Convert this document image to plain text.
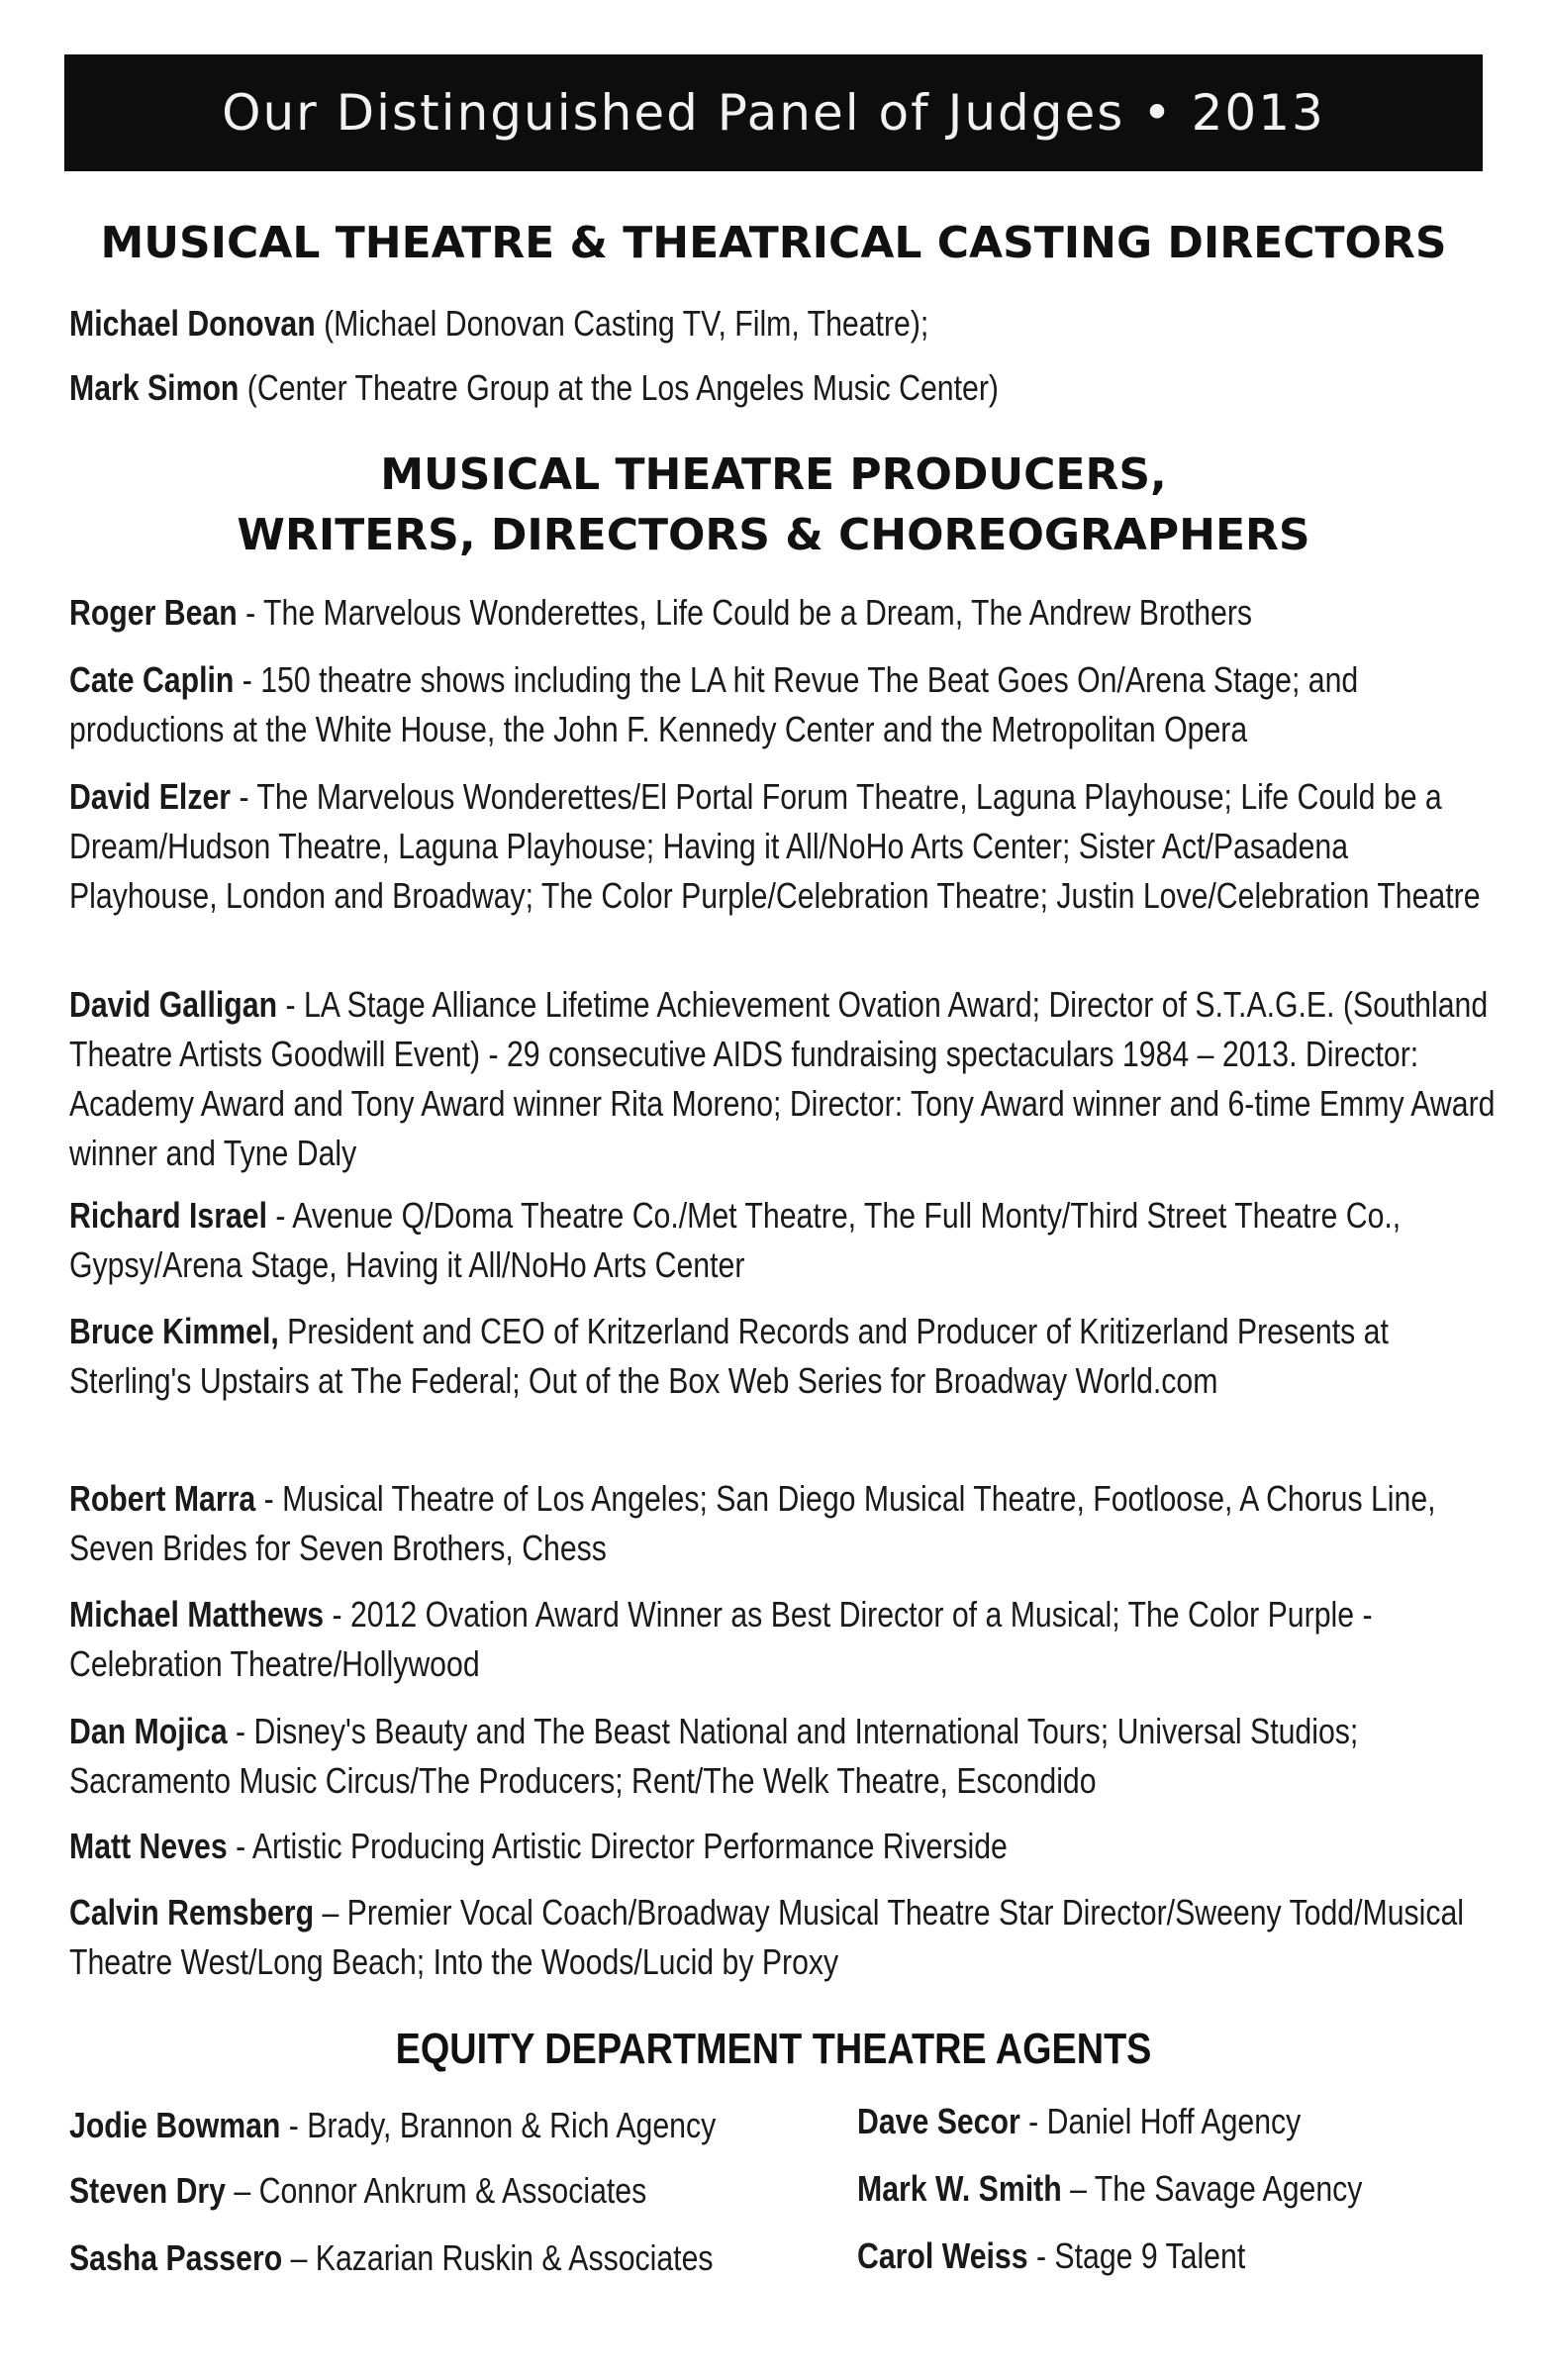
Our Distinguished Panel of Judges • 2013
MUSICAL THEATRE & THEATRICAL CASTING DIRECTORS
Michael Donovan (Michael Donovan Casting TV, Film, Theatre);
Mark Simon (Center Theatre Group at the Los Angeles Music Center)
MUSICAL THEATRE PRODUCERS,
WRITERS, DIRECTORS & CHOREOGRAPHERS
Roger Bean - The Marvelous Wonderettes, Life Could be a Dream, The Andrew Brothers
Cate Caplin - 150 theatre shows including the LA hit Revue The Beat Goes On/Arena Stage; and productions at the White House, the John F. Kennedy Center and the Metropolitan Opera
David Elzer - The Marvelous Wonderettes/El Portal Forum Theatre, Laguna Playhouse; Life Could be a Dream/Hudson Theatre, Laguna Playhouse; Having it All/NoHo Arts Center; Sister Act/Pasadena Playhouse, London and Broadway; The Color Purple/Celebration Theatre; Justin Love/Celebration Theatre
David Galligan - LA Stage Alliance Lifetime Achievement Ovation Award; Director of S.T.A.G.E. (Southland Theatre Artists Goodwill Event) - 29 consecutive AIDS fundraising spectaculars 1984 – 2013. Director: Academy Award and Tony Award winner Rita Moreno; Director: Tony Award winner and 6-time Emmy Award winner and Tyne Daly
Richard Israel - Avenue Q/Doma Theatre Co./Met Theatre, The Full Monty/Third Street Theatre Co., Gypsy/Arena Stage, Having it All/NoHo Arts Center
Bruce Kimmel, President and CEO of Kritzerland Records and Producer of Kritizerland Presents at Sterling's Upstairs at The Federal; Out of the Box Web Series for Broadway World.com
Robert Marra - Musical Theatre of Los Angeles; San Diego Musical Theatre, Footloose, A Chorus Line, Seven Brides for Seven Brothers, Chess
Michael Matthews - 2012 Ovation Award Winner as Best Director of a Musical; The Color Purple - Celebration Theatre/Hollywood
Dan Mojica - Disney's Beauty and The Beast National and International Tours; Universal Studios; Sacramento Music Circus/The Producers; Rent/The Welk Theatre, Escondido
Matt Neves - Artistic Producing Artistic Director Performance Riverside
Calvin Remsberg – Premier Vocal Coach/Broadway Musical Theatre Star Director/Sweeny Todd/Musical Theatre West/Long Beach; Into the Woods/Lucid by Proxy
EQUITY DEPARTMENT THEATRE AGENTS
Jodie Bowman - Brady, Brannon & Rich Agency
Steven Dry – Connor Ankrum & Associates
Sasha Passero – Kazarian Ruskin & Associates
Dave Secor - Daniel Hoff Agency
Mark W. Smith – The Savage Agency
Carol Weiss - Stage 9 Talent
